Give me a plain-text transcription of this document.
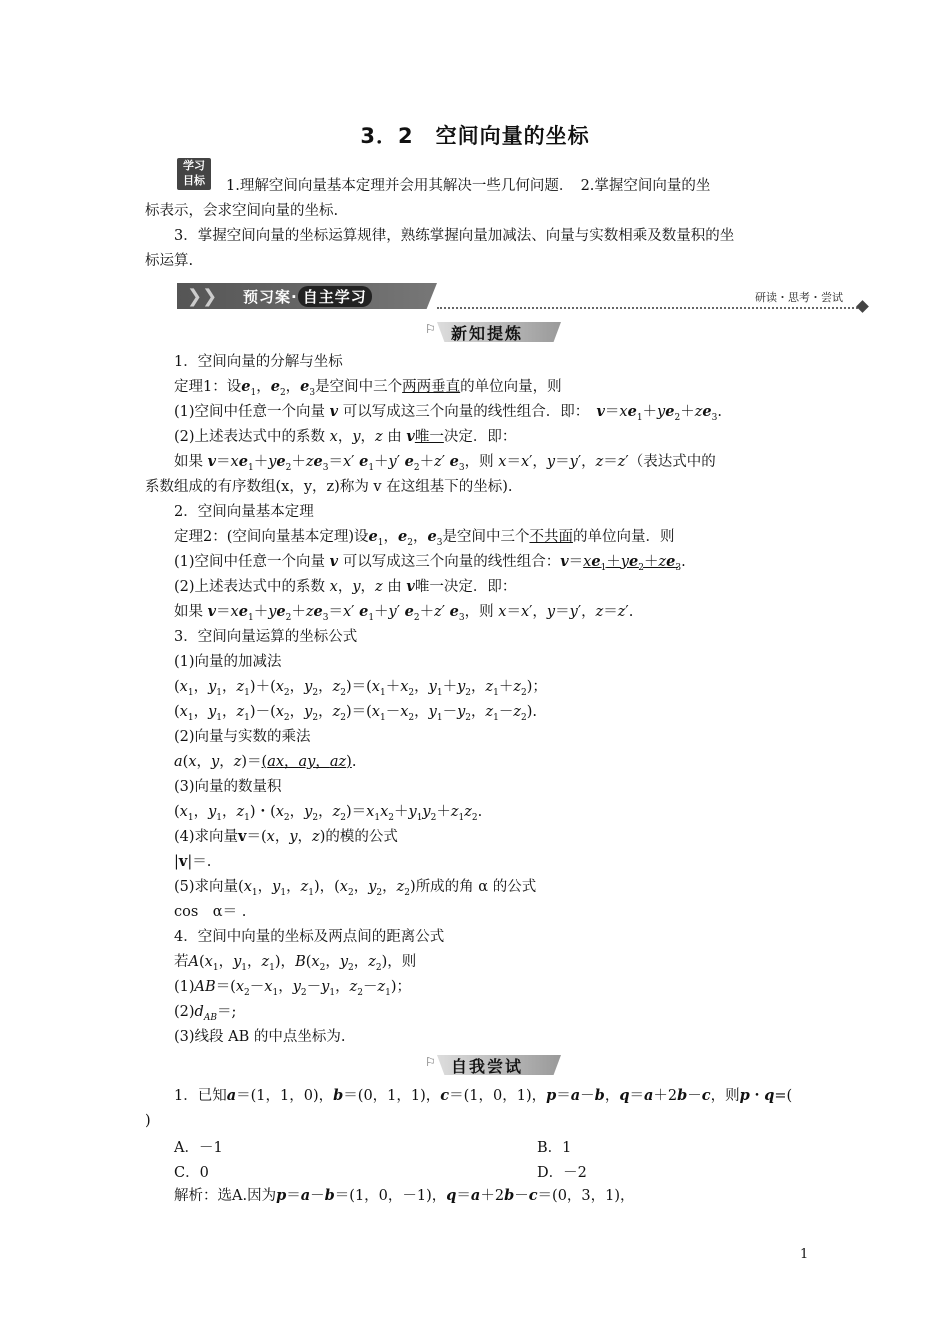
3．2　空间向量的坐标
学习
目标	1.理解空间向量基本定理并会用其解决一些几何问题．　2.掌握空间向量的坐
标表示，会求空间向量的坐标.
3．掌握空间向量的坐标运算规律，熟练掌握向量加减法、向量与实数相乘及数量积的坐
标运算.
❯❯ 预习案· 自主学习	研读・思考・尝试
⚐ 新知提炼
1．空间向量的分解与坐标
定理1：设$e_1$，$e_2$，$e_3$是空间中三个两两垂直的单位向量，则
(1)空间中任意一个向量 v 可以写成这三个向量的线性组合．即：　 $v=xe_1+ye_2+ze_3$.
(2)上述表达式中的系数 x，y，z 由 v唯一决定．即：
如果 $v=xe_1+ye_2+ze_3=x'$ $e_1+y'$ $e_2+z'$ $e_3$，则 x＝x′，y＝y′，z＝z′（表达式中的
系数组成的有序数组(x，y，z)称为 v 在这组基下的坐标).
2．空间向量基本定理
定理2：(空间向量基本定理)设$e_1$，$e_2$，$e_3$是空间中三个不共面的单位向量．则
(1)空间中任意一个向量 v 可以写成这三个向量的线性组合：$v=xe_1+ye_2+ze_3$.
(2)上述表达式中的系数 x，y，z 由 v唯一决定．即：
如果 $v=xe_1+ye_2+ze_3=x'$ $e_1+y'$ $e_2+z'$ $e_3$，则 x＝x′，y＝y′，z＝z′.
3．空间向量运算的坐标公式
(1)向量的加减法
($x_1$，$y_1$，$z_1)+(x_2$，$y_2$，$z_2)=(x_1+x_2$，$y_1+y_2$，$z_1+z_2$)；
($x_1$，$y_1$，$z_1)-(x_2$，$y_2$，$z_2)=(x_1-x_2$，$y_1-y_2$，$z_1-z_2$).
(2)向量与实数的乘法
a(x，y，z)＝(ax，ay，az).
(3)向量的数量积
($x_1$，$y_1$，$z_1$)・($x_2$，$y_2$，$z_2)=x_1x_2+y_1y_2+z_1z_2$.
(4)求向量v＝(x，y，z)的模的公式
|v|＝.
(5)求向量($x_1$，$y_1$，$z_1$)，($x_2$，$y_2$，$z_2$)所成的角 α 的公式
cos　α＝ .
4．空间中向量的坐标及两点间的距离公式
若$A(x_1$，$y_1$，$z_1$)，$B(x_2$，$y_2$，$z_2$)，则
$(1)AB=(x_2-x_1$，$y_2-y_1$，$z_2-z_1$)；
$(2)d_{AB}=$;
(3)线段 AB 的中点坐标为.
⚐ 自我尝试
1．已知a＝(1，1，0)，b＝(0，1，1)，c＝(1，0，1)，p＝a－b，q＝a＋2b－c，则p・q=(
)
A．－1	B．1
C．0	D．－2
解析：选A.因为p＝a－b＝(1，0，－1)，q＝a＋2b－c＝(0，3，1)，
1
